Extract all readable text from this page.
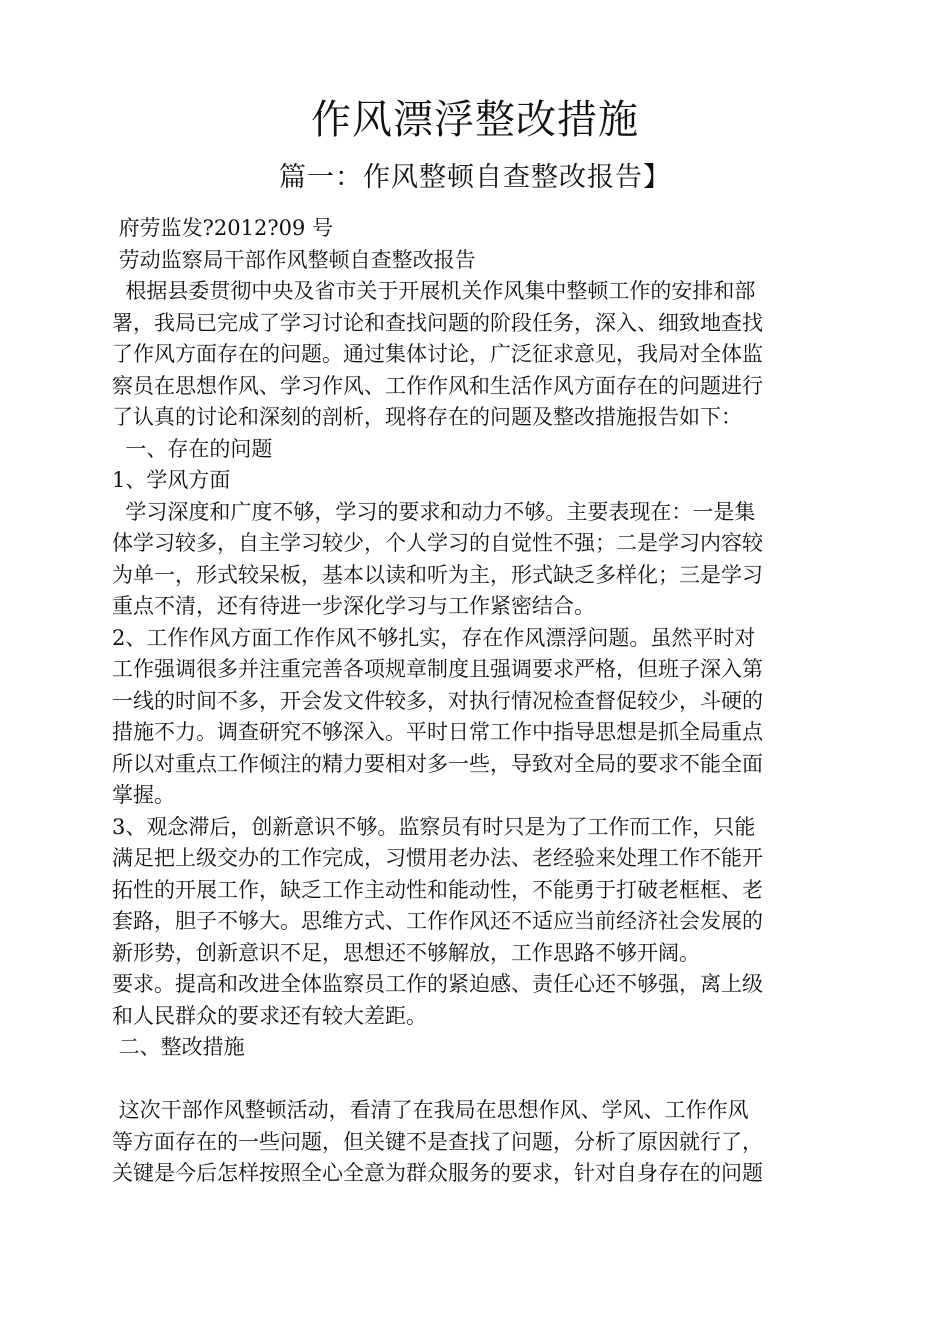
作风漂浮整改措施
篇一：作风整顿自查整改报告】
府劳监发?2012?09 号
劳动监察局干部作风整顿自查整改报告
根据县委贯彻中央及省市关于开展机关作风集中整顿工作的安排和部
署，我局已完成了学习讨论和查找问题的阶段任务，深入、细致地查找
了作风方面存在的问题。通过集体讨论，广泛征求意见，我局对全体监
察员在思想作风、学习作风、工作作风和生活作风方面存在的问题进行
了认真的讨论和深刻的剖析，现将存在的问题及整改措施报告如下：
一、存在的问题
1、学风方面
学习深度和广度不够，学习的要求和动力不够。主要表现在：一是集
体学习较多，自主学习较少，个人学习的自觉性不强；二是学习内容较
为单一，形式较呆板，基本以读和听为主，形式缺乏多样化；三是学习
重点不清，还有待进一步深化学习与工作紧密结合。
2、工作作风方面工作作风不够扎实，存在作风漂浮问题。虽然平时对
工作强调很多并注重完善各项规章制度且强调要求严格，但班子深入第
一线的时间不多，开会发文件较多，对执行情况检查督促较少，斗硬的
措施不力。调查研究不够深入。平时日常工作中指导思想是抓全局重点
所以对重点工作倾注的精力要相对多一些，导致对全局的要求不能全面
掌握。
3、观念滞后，创新意识不够。监察员有时只是为了工作而工作，只能
满足把上级交办的工作完成，习惯用老办法、老经验来处理工作不能开
拓性的开展工作，缺乏工作主动性和能动性，不能勇于打破老框框、老
套路，胆子不够大。思维方式、工作作风还不适应当前经济社会发展的
新形势，创新意识不足，思想还不够解放，工作思路不够开阔。
要求。提高和改进全体监察员工作的紧迫感、责任心还不够强，离上级
和人民群众的要求还有较大差距。
二、整改措施
这次干部作风整顿活动，看清了在我局在思想作风、学风、工作作风
等方面存在的一些问题，但关键不是查找了问题，分析了原因就行了，
关键是今后怎样按照全心全意为群众服务的要求，针对自身存在的问题
